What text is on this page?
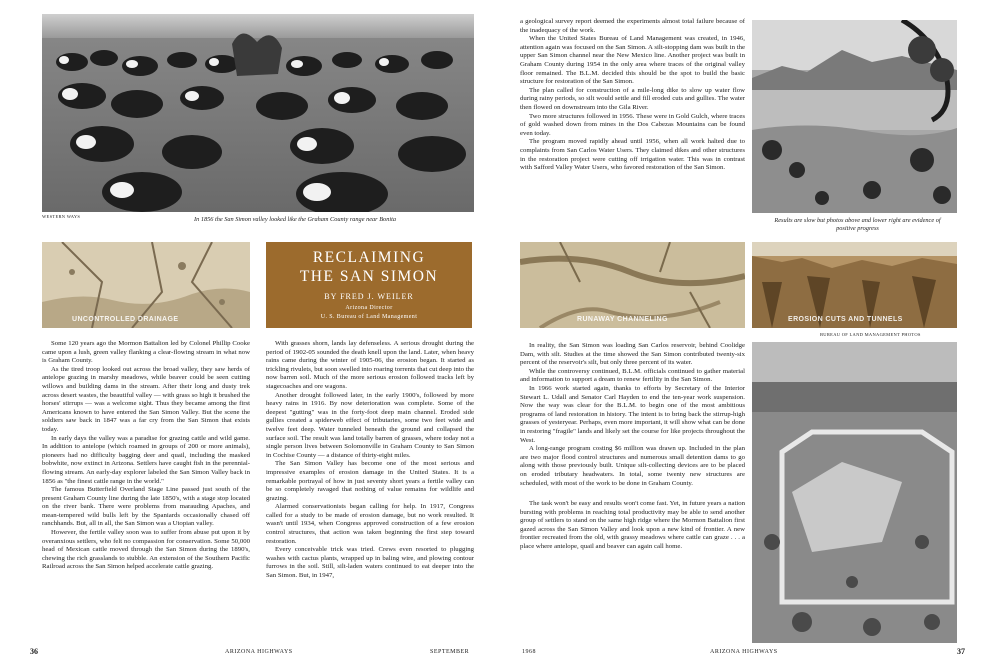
WESTERN WAYS	In 1856 the San Simon valley looked like the Graham County range near Bonita	Results are slow but photos above and lower right are evidence of positive progress
UNCONTROLLED DRAINAGE
RECLAIMING
THE SAN SIMON
BY FRED J. WEILER
Arizona Director
U. S. Bureau of Land Management	RUNAWAY CHANNELING	EROSION CUTS AND TUNNELS
BUREAU OF LAND MANAGEMENT PHOTOS

Some 120 years ago the Mormon Battalion led by Colonel Phillip Cooke came upon a lush, green valley flanking a clear-flowing stream in what now is Graham County.

As the tired troop looked out across the broad valley, they saw herds of antelope grazing in marshy meadows, while beaver could be seen cutting willows and building dams in the stream. After their long and dusty trek across desert wastes, the beautiful valley — with grass so high it brushed the horses' stirrups — was a welcome sight. Thus they became among the first Americans known to have entered the San Simon Valley. But the scene the soldiers saw back in 1847 was a far cry from the San Simon that exists today.

In early days the valley was a paradise for grazing cattle and wild game. In addition to antelope (which roamed in groups of 200 or more animals), pioneers had no difficulty bagging deer and quail, including the masked bobwhite, now extinct in Arizona. Settlers have caught fish in the perennial-flowing stream. An early-day explorer labeled the San Simon Valley back in 1856 as "the finest cattle range in the world."

The famous Butterfield Overland Stage Line passed just south of the present Graham County line during the late 1850's, with a stage stop located on the river bank. There were problems from marauding Apaches, and mean-tempered wild bulls left by the Spaniards occasionally chased off ranchhands. But, all in all, the San Simon was a Utopian valley.

However, the fertile valley soon was to suffer from abuse put upon it by overanxious settlers, who felt no compassion for conservation. Some 50,000 head of Mexican cattle moved through the San Simon during the 1890's, chewing the rich grasslands to stubble. An extension of the Southern Pacific Railroad across the San Simon helped accelerate cattle grazing.

With grasses shorn, lands lay defenseless. A serious drought during the period of 1902-05 sounded the death knell upon the land. Later, when heavy rains came during the winter of 1905-06, the erosion began. It started as trickling rivulets, but soon swelled into roaring torrents that cut deep into the now barren soil. Much of the more serious erosion followed tracks left by stagecoaches and ore wagons.

Another drought followed later, in the early 1900's, followed by more heavy rains in 1916. By now deterioration was complete. Some of the deepest "gutting" was in the forty-foot deep main channel. Eroded side gullies created a spiderweb effect of tributaries, some two feet wide and twelve feet deep. Water tunneled beneath the ground and collapsed the surface soil. The result was land totally barren of grasses, where today not a single person lives between Solomonville in Graham County to San Simon in Cochise County — a distance of thirty-eight miles.

The San Simon Valley has become one of the most serious and impressive examples of erosion damage in the United States. It is a remarkable portrayal of how in just seventy short years a fertile valley can be so completely ravaged that nothing of value remains for wildlife and grazing.

Alarmed conservationists began calling for help. In 1917, Congress called for a study to be made of erosion damage, but no work resulted. It wasn't until 1934, when Congress approved construction of a few erosion control structures, that action was taken beginning the first step toward restoration.

Every conceivable trick was tried. Crews even resorted to plugging washes with cactus plants, wrapped up in baling wire, and plowing contour furrows in the soil. Still, silt-laden waters continued to eat deeper into the San Simon. But, in 1947,

a geological survey report deemed the experiments almost total failure because of the inadequacy of the work.

When the United States Bureau of Land Management was created, in 1946, attention again was focused on the San Simon. A silt-stopping dam was built in the upper San Simon channel near the New Mexico line. Another project was built in Graham County during 1954 in the only area where traces of the original valley floor remained. The B.L.M. decided this should be the spot to build the basic structure for restoration of the San Simon.

The plan called for construction of a mile-long dike to slow up water flow during rainy periods, so silt would settle and fill eroded cuts and gullies. The water then flowed on downstream into the Gila River.

Two more structures followed in 1956. These were in Gold Gulch, where traces of gold washed down from mines in the Dos Cabezas Mountains can be found even today.

The program moved rapidly ahead until 1956, when all work halted due to complaints from San Carlos Water Users. They claimed dikes and other structures in the restoration project were cutting off irrigation water. This was in contrast with Safford Valley Water Users, who favored restoration of the San Simon.

In reality, the San Simon was loading San Carlos reservoir, behind Coolidge Dam, with silt. Studies at the time showed the San Simon contributed twenty-six percent of the reservoir's silt, but only three percent of its water.

While the controversy continued, B.L.M. officials continued to gather material and information to support a dream to renew fertility in the San Simon.

In 1966 work started again, thanks to efforts by Secretary of the Interior Stewart L. Udall and Senator Carl Hayden to end the ten-year work suspension. Now the way was clear for the B.L.M. to begin one of the most ambitious programs of land restoration in history. The intent is to bring back the stirrup-high grasses of yesteryear. Perhaps, even more important, it will show what can be done in restoring "fragile" lands and likely set the course for like projects throughout the West.

A long-range program costing $6 million was drawn up. Included in the plan are two major flood control structures and numerous small detention dams to go along with those previously built. Unique silt-collecting devices are to be placed on eroded tributary headwaters. In total, some twenty new structures are scheduled, with most of the work to be done in Graham County.

The task won't be easy and results won't come fast. Yet, in future years a nation bursting with problems in reaching total productivity may be able to send another group of settlers to stand on the same high ridge where the Mormon Battalion first gazed across the San Simon Valley and look upon a new kind of frontier. A new frontier recreated from the old, with grassy meadows where cattle can graze . . . a place where antelope, quail and beaver can again call home.

36	ARIZONA HIGHWAYS	SEPTEMBER	1968	ARIZONA HIGHWAYS	37
